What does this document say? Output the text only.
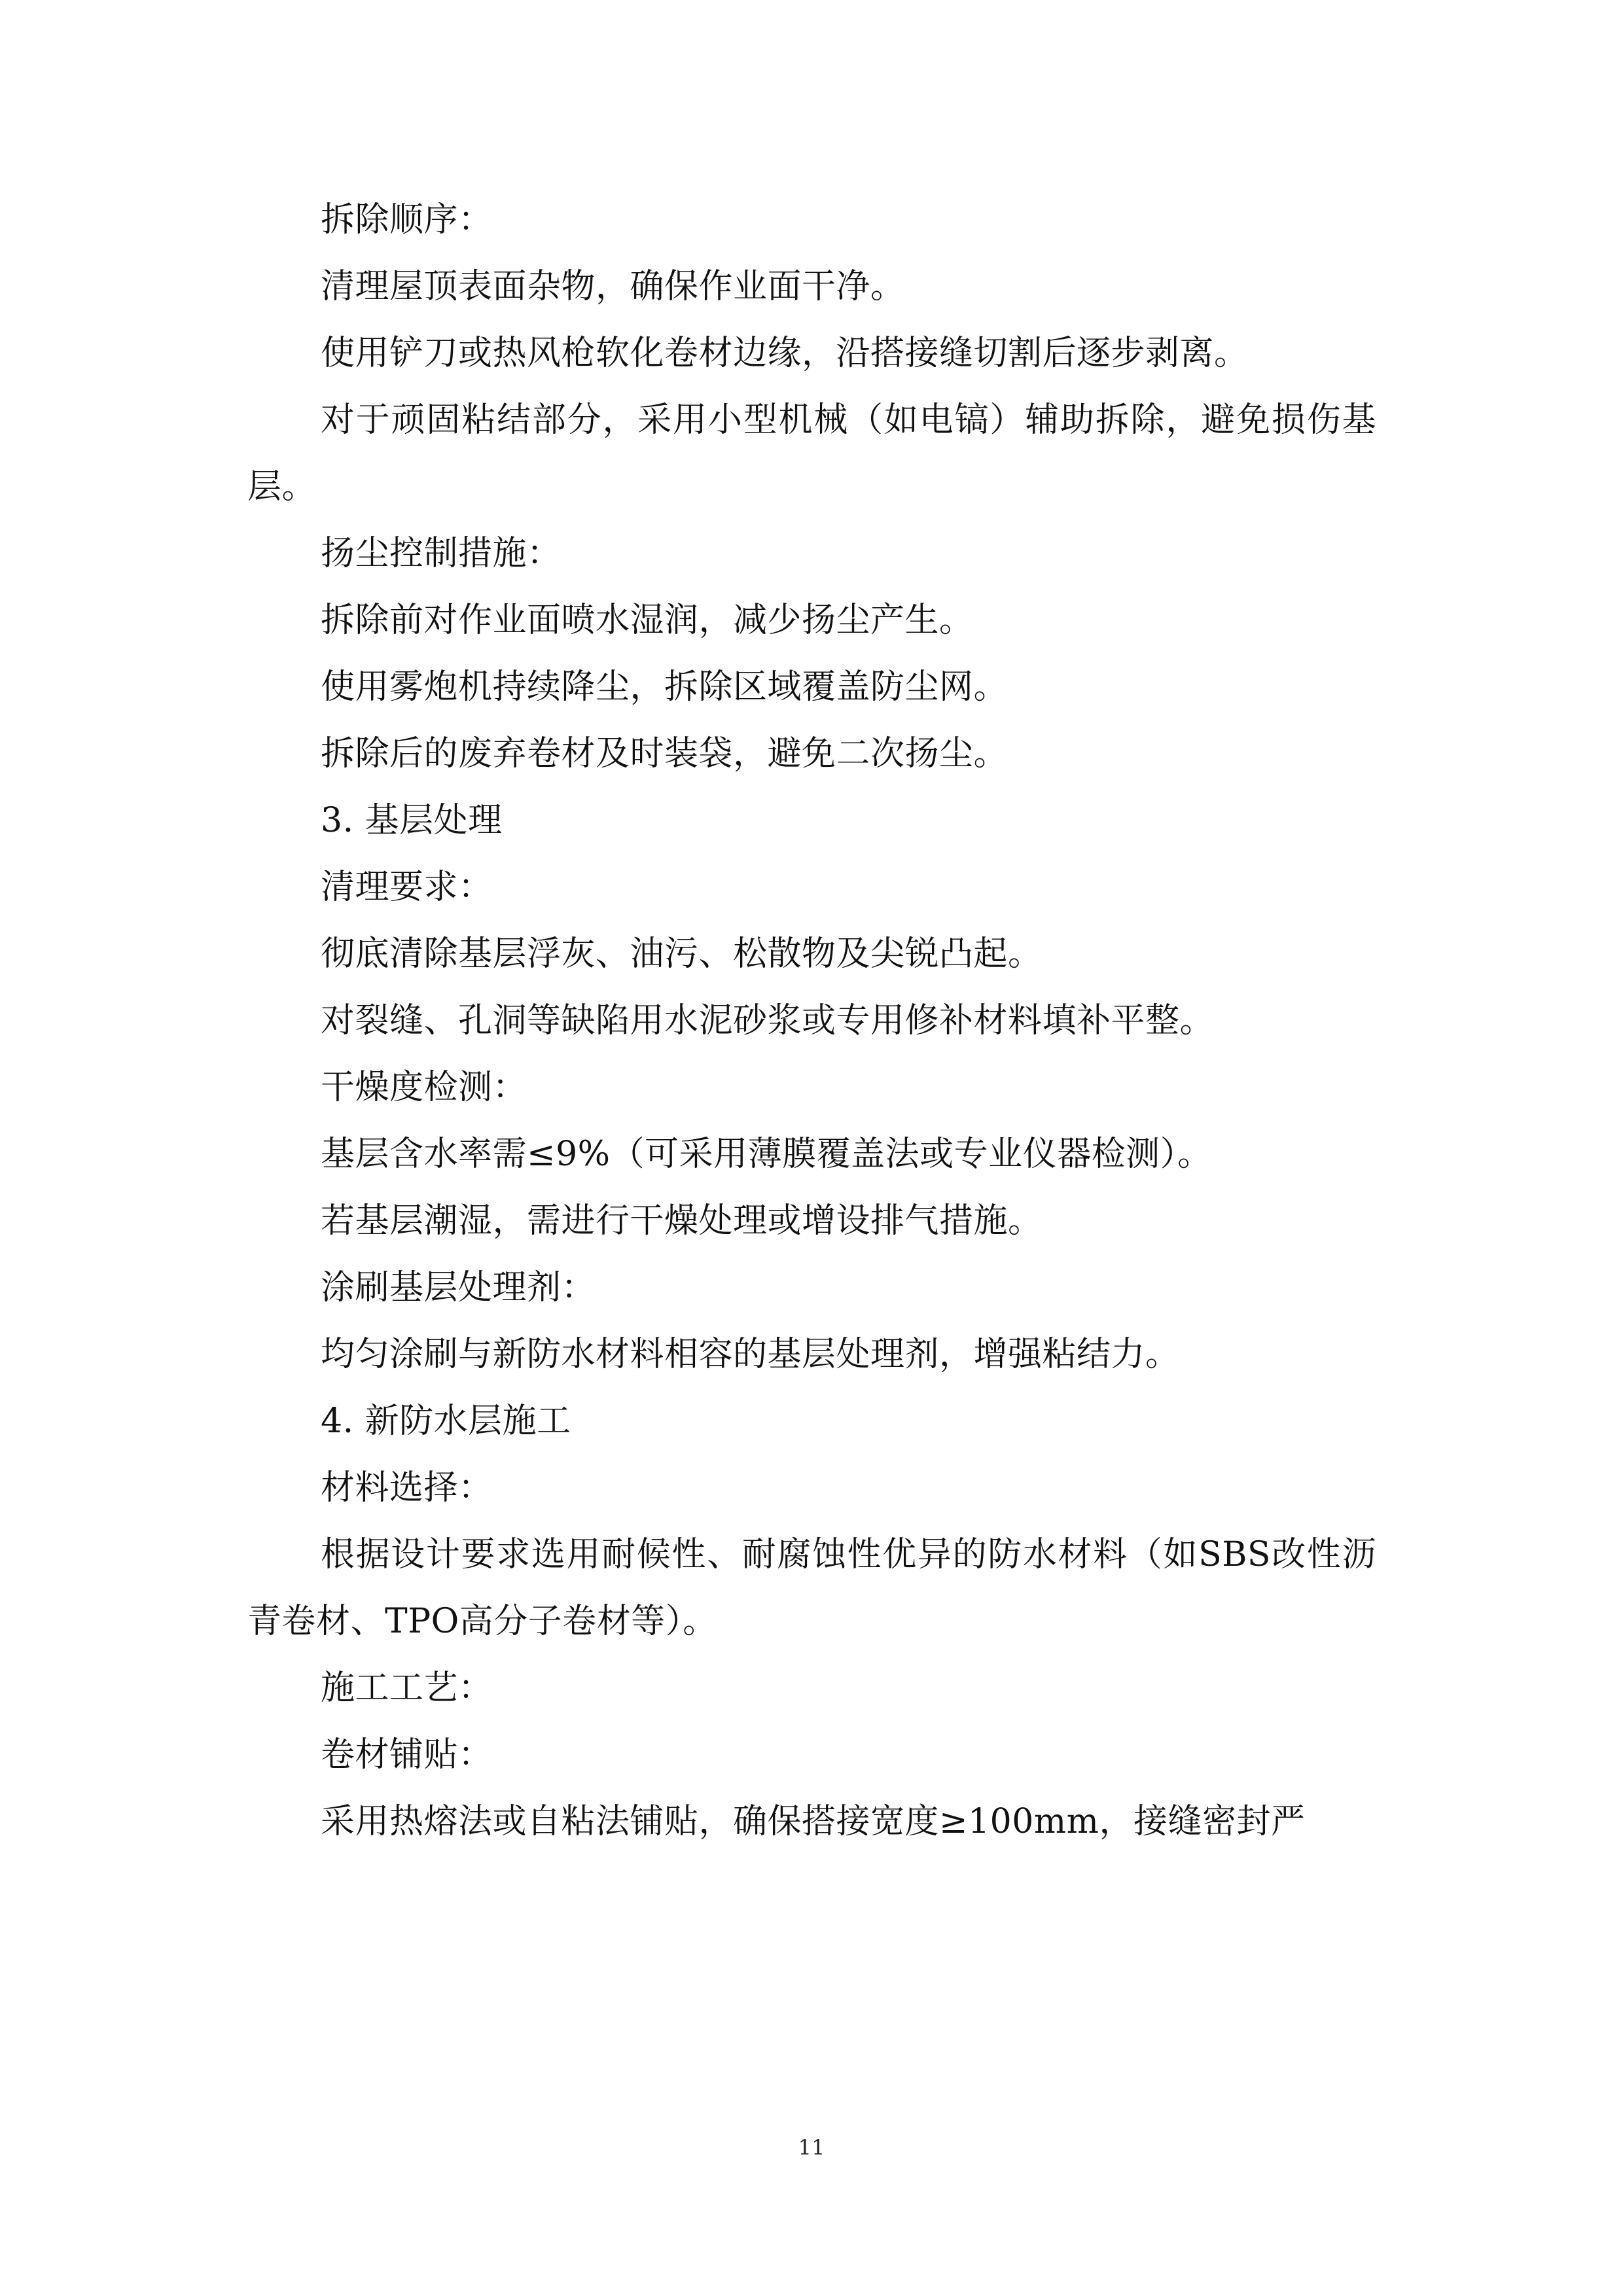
拆除顺序：

清理屋顶表面杂物，确保作业面干净。

使用铲刀或热风枪软化卷材边缘，沿搭接缝切割后逐步剥离。

对于顽固粘结部分，采用小型机械（如电镐）辅助拆除，避免损伤基层。

扬尘控制措施：

拆除前对作业面喷水湿润，减少扬尘产生。

使用雾炮机持续降尘，拆除区域覆盖防尘网。

拆除后的废弃卷材及时装袋，避免二次扬尘。

3. 基层处理

清理要求：

彻底清除基层浮灰、油污、松散物及尖锐凸起。

对裂缝、孔洞等缺陷用水泥砂浆或专用修补材料填补平整。

干燥度检测：

基层含水率需≤9%（可采用薄膜覆盖法或专业仪器检测）。

若基层潮湿，需进行干燥处理或增设排气措施。

涂刷基层处理剂：

均匀涂刷与新防水材料相容的基层处理剂，增强粘结力。

4. 新防水层施工

材料选择：

根据设计要求选用耐候性、耐腐蚀性优异的防水材料（如SBS改性沥青卷材、TPO高分子卷材等）。

施工工艺：

卷材铺贴：

采用热熔法或自粘法铺贴，确保搭接宽度≥100mm，接缝密封严

11
